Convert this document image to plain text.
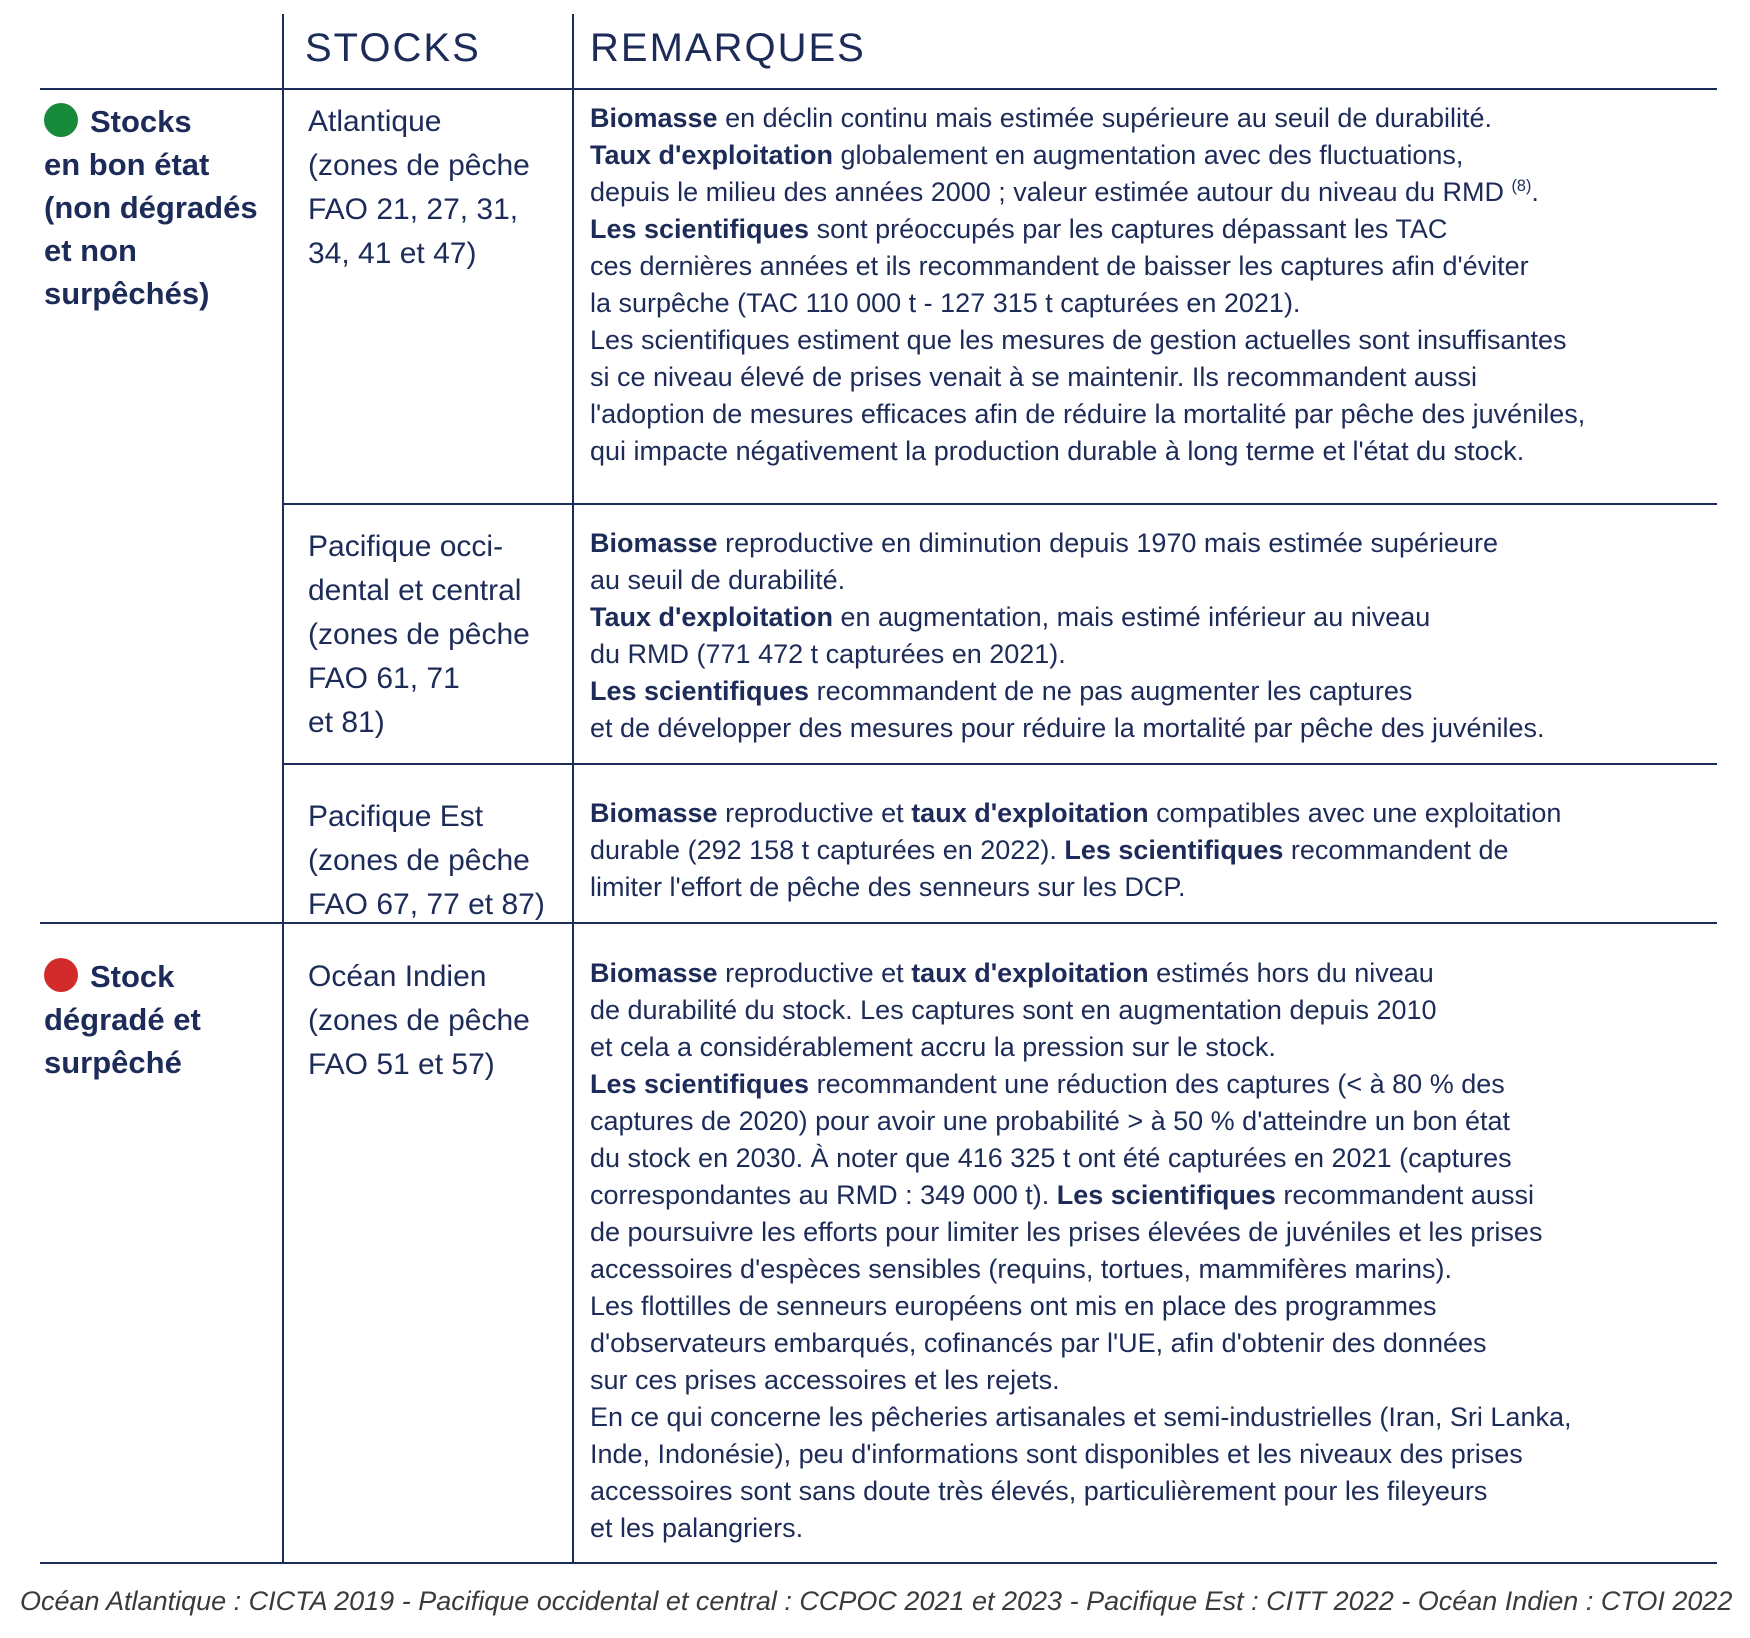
STOCKS	REMARQUES
Stocks
en bon état
(non dégradés
et non
surpêchés)
Atlantique
(zones de pêche
FAO 21, 27, 31,
34, 41 et 47)
Biomasse en déclin continu mais estimée supérieure au seuil de durabilité.
Taux d'exploitation globalement en augmentation avec des fluctuations,
depuis le milieu des années 2000 ; valeur estimée autour du niveau du RMD $^{(8)}$.
Les scientifiques sont préoccupés par les captures dépassant les TAC
ces dernières années et ils recommandent de baisser les captures afin d'éviter
la surpêche (TAC 110 000 t - 127 315 t capturées en 2021).
Les scientifiques estiment que les mesures de gestion actuelles sont insuffisantes
si ce niveau élevé de prises venait à se maintenir. Ils recommandent aussi
l'adoption de mesures efficaces afin de réduire la mortalité par pêche des juvéniles,
qui impacte négativement la production durable à long terme et l'état du stock.
Pacifique occi-
dental et central
(zones de pêche
FAO 61, 71
et 81)
Biomasse reproductive en diminution depuis 1970 mais estimée supérieure
au seuil de durabilité.
Taux d'exploitation en augmentation, mais estimé inférieur au niveau
du RMD (771 472 t capturées en 2021).
Les scientifiques recommandent de ne pas augmenter les captures
et de développer des mesures pour réduire la mortalité par pêche des juvéniles.
Pacifique Est
(zones de pêche
FAO 67, 77 et 87)
Biomasse reproductive et taux d'exploitation compatibles avec une exploitation
durable (292 158 t capturées en 2022). Les scientifiques recommandent de
limiter l'effort de pêche des senneurs sur les DCP.
Stock
dégradé et
surpêché
Océan Indien
(zones de pêche
FAO 51 et 57)
Biomasse reproductive et taux d'exploitation estimés hors du niveau
de durabilité du stock. Les captures sont en augmentation depuis 2010
et cela a considérablement accru la pression sur le stock.
Les scientifiques recommandent une réduction des captures (< à 80 % des
captures de 2020) pour avoir une probabilité > à 50 % d'atteindre un bon état
du stock en 2030. À noter que 416 325 t ont été capturées en 2021 (captures
correspondantes au RMD : 349 000 t). Les scientifiques recommandent aussi
de poursuivre les efforts pour limiter les prises élevées de juvéniles et les prises
accessoires d'espèces sensibles (requins, tortues, mammifères marins).
Les flottilles de senneurs européens ont mis en place des programmes
d'observateurs embarqués, cofinancés par l'UE, afin d'obtenir des données
sur ces prises accessoires et les rejets.
En ce qui concerne les pêcheries artisanales et semi-industrielles (Iran, Sri Lanka,
Inde, Indonésie), peu d'informations sont disponibles et les niveaux des prises
accessoires sont sans doute très élevés, particulièrement pour les fileyeurs
et les palangriers.
Océan Atlantique : CICTA 2019 - Pacifique occidental et central : CCPOC 2021 et 2023 - Pacifique Est : CITT 2022 - Océan Indien : CTOI 2022
